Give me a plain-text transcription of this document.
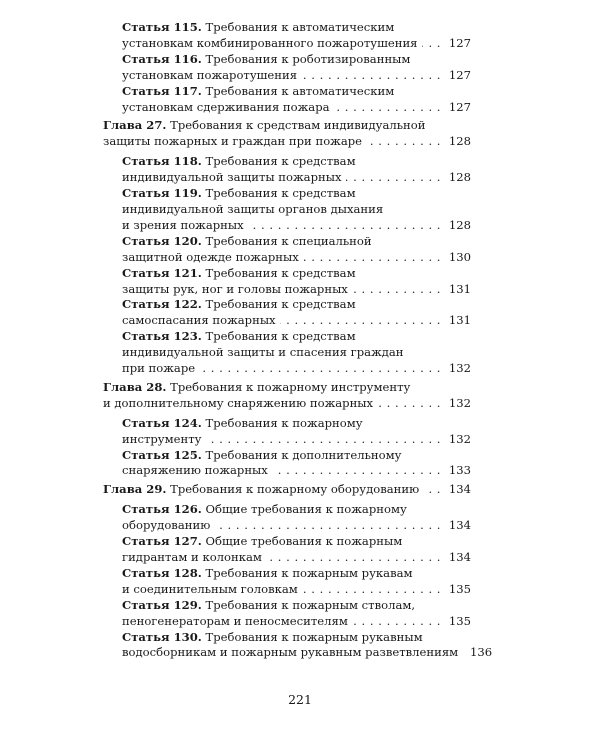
Статья 115. Требования к автоматическим
установкам комбинированного пожаротушения . . .	127
Статья 116. Требования к роботизированным
установкам пожаротушения . . .	127
Статья 117. Требования к автоматическим
установкам сдерживания пожара . . .	127
Глава 27. Требования к средствам индивидуальной
защиты пожарных и граждан при пожаре . . .	128
Статья 118. Требования к средствам
индивидуальной защиты пожарных . . .	128
Статья 119. Требования к средствам
индивидуальной защиты органов дыхания
и зрения пожарных . . .	128
Статья 120. Требования к специальной
защитной одежде пожарных . . .	130
Статья 121. Требования к средствам
защиты рук, ног и головы пожарных . . .	131
Статья 122. Требования к средствам
самоспасания пожарных . . .	131
Статья 123. Требования к средствам
индивидуальной защиты и спасения граждан
при пожаре . . .	132
Глава 28. Требования к пожарному инструменту
и дополнительному снаряжению пожарных . . .	132
Статья 124. Требования к пожарному
инструменту . . .	132
Статья 125. Требования к дополнительному
снаряжению пожарных . . .	133
Глава 29. Требования к пожарному оборудованию . . .	134
Статья 126. Общие требования к пожарному
оборудованию . . .	134
Статья 127. Общие требования к пожарным
гидрантам и колонкам . . .	134
Статья 128. Требования к пожарным рукавам
и соединительным головкам . . .	135
Статья 129. Требования к пожарным стволам,
пеногенераторам и пеносмесителям . . .	135
Статья 130. Требования к пожарным рукавным
водосборникам и пожарным рукавным разветвлениям 136
221
